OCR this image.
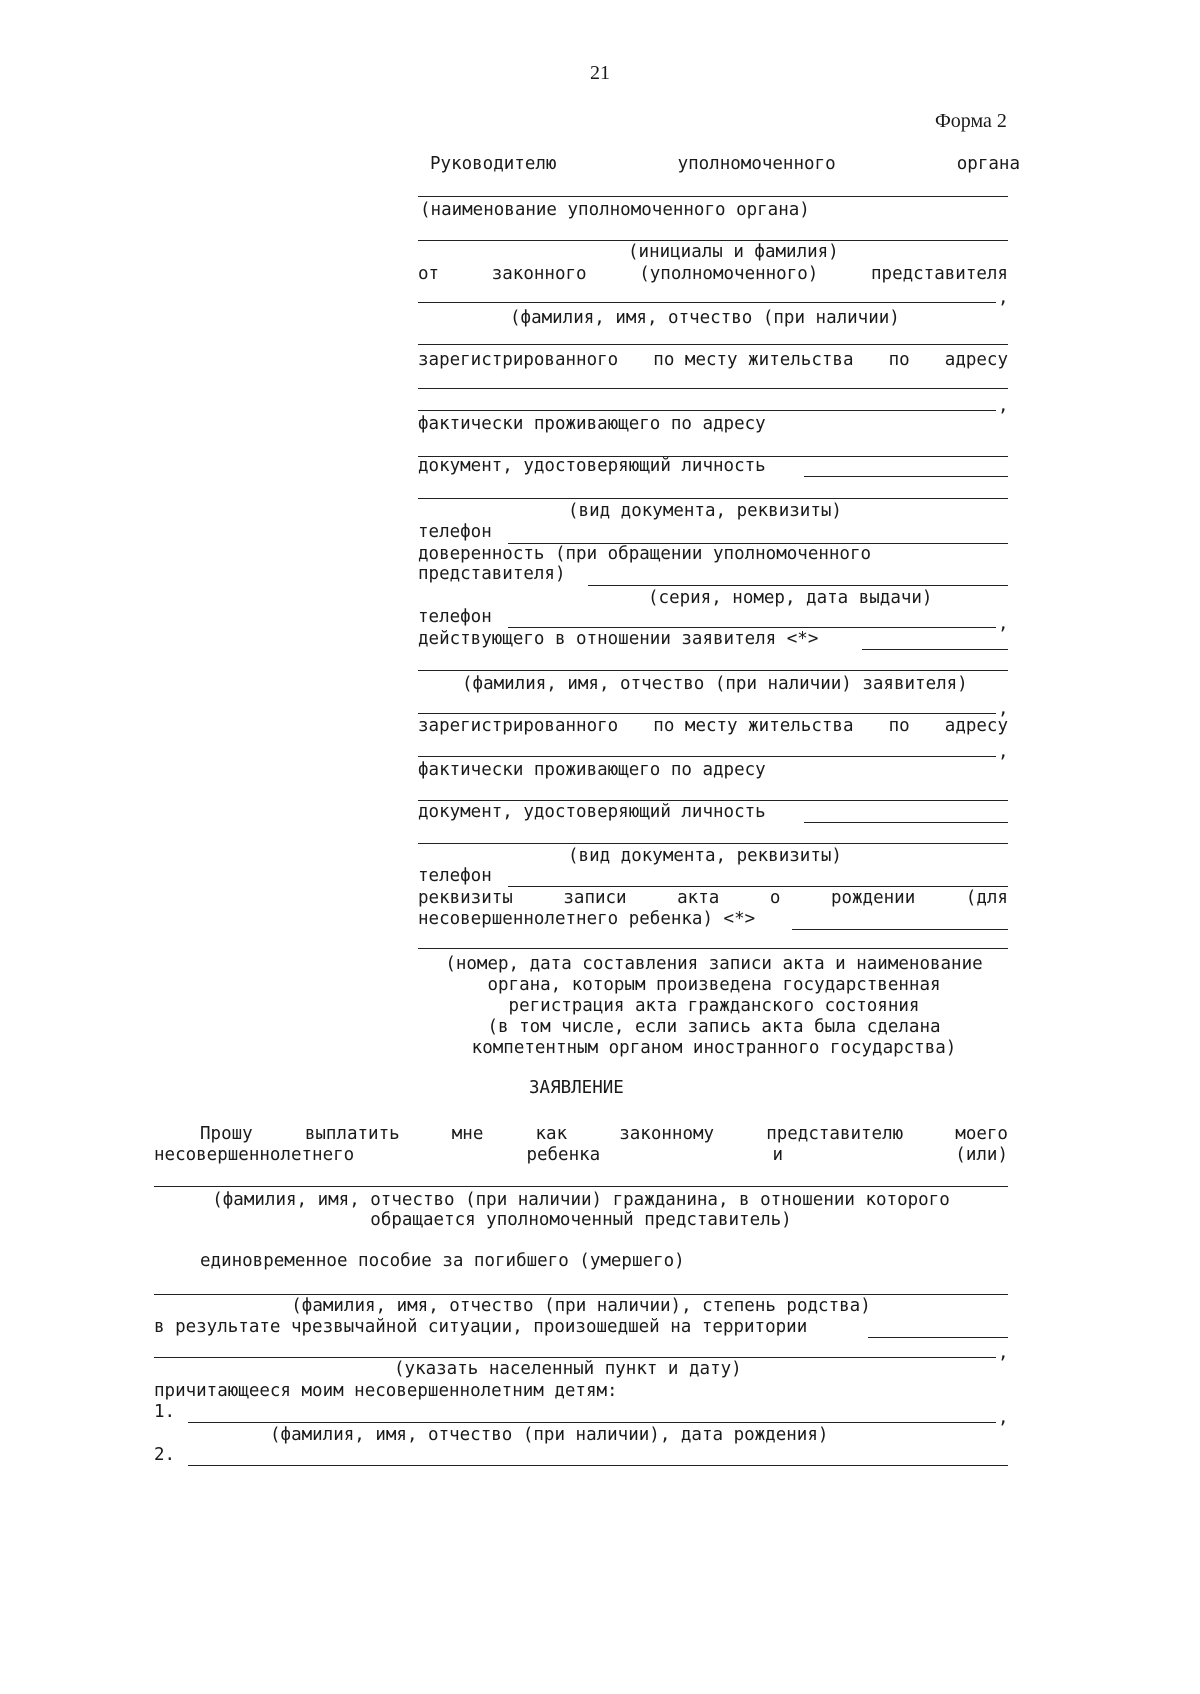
21
Форма 2
Руководителю	уполномоченного	органа
(наименование уполномоченного органа)
(инициалы и фамилия)
от	законного	(уполномоченного)	представителя
,
(фамилия, имя, отчество (при наличии)
зарегистрированного по месту жительства по адресу
,
фактически проживающего по адресу
документ, удостоверяющий личность
(вид документа, реквизиты)
телефон
доверенность (при обращении уполномоченного
представителя)
(серия, номер, дата выдачи)
телефон	,
действующего в отношении заявителя <*>
(фамилия, имя, отчество (при наличии) заявителя)
,
зарегистрированного по месту жительства по адресу
,
фактически проживающего по адресу
документ, удостоверяющий личность
(вид документа, реквизиты)
телефон
реквизиты	записи	акта	о	рождении	(для
несовершеннолетнего ребенка) <*>
(номер, дата составления записи акта и наименование
органа, которым произведена государственная
регистрация акта гражданского состояния
(в том числе, если запись акта была сделана
компетентным органом иностранного государства)
ЗАЯВЛЕНИЕ
Прошу	выплатить	мне	как	законному	представителю	моего
несовершеннолетнего	ребенка	и	(или)
(фамилия, имя, отчество (при наличии) гражданина, в отношении которого
обращается уполномоченный представитель)
единовременное пособие за погибшего (умершего)
(фамилия, имя, отчество (при наличии), степень родства)
в результате чрезвычайной ситуации, произошедшей на территории
,
(указать населенный пункт и дату)
причитающееся моим несовершеннолетним детям:
1.	,
(фамилия, имя, отчество (при наличии), дата рождения)
2.
